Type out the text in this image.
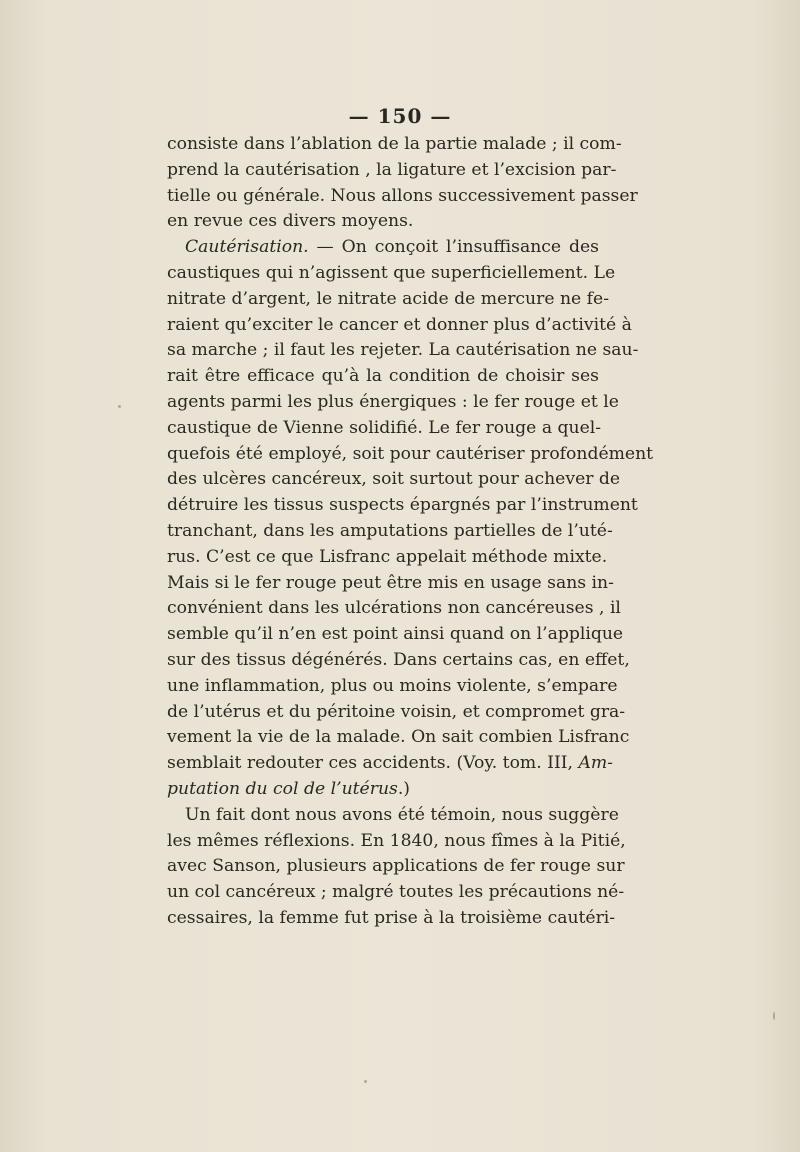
— 150 —
consiste dans l’ablation de la partie malade ; il com-
prend la cautérisation , la ligature et l’excision par-
tielle ou générale. Nous allons successivement passer
en revue ces divers moyens.
Cautérisation. — On conçoit l’insuffisance des
caustiques qui n’agissent que superficiellement. Le
nitrate d’argent, le nitrate acide de mercure ne fe-
raient qu’exciter le cancer et donner plus d’activité à
sa marche ; il faut les rejeter. La cautérisation ne sau-
rait être efficace qu’à la condition de choisir ses
agents parmi les plus énergiques : le fer rouge et le
caustique de Vienne solidifié. Le fer rouge a quel-
quefois été employé, soit pour cautériser profondément
des ulcères cancéreux, soit surtout pour achever de
détruire les tissus suspects épargnés par l’instrument
tranchant, dans les amputations partielles de l’uté-
rus. C’est ce que Lisfranc appelait méthode mixte.
Mais si le fer rouge peut être mis en usage sans in-
convénient dans les ulcérations non cancéreuses , il
semble qu’il n’en est point ainsi quand on l’applique
sur des tissus dégénérés. Dans certains cas, en effet,
une inflammation, plus ou moins violente, s’empare
de l’utérus et du péritoine voisin, et compromet gra-
vement la vie de la malade. On sait combien Lisfranc
semblait redouter ces accidents. (Voy. tom. III, Am-
putation du col de l’utérus.)
Un fait dont nous avons été témoin, nous suggère
les mêmes réflexions. En 1840, nous fîmes à la Pitié,
avec Sanson, plusieurs applications de fer rouge sur
un col cancéreux ; malgré toutes les précautions né-
cessaires, la femme fut prise à la troisième cautéri-
